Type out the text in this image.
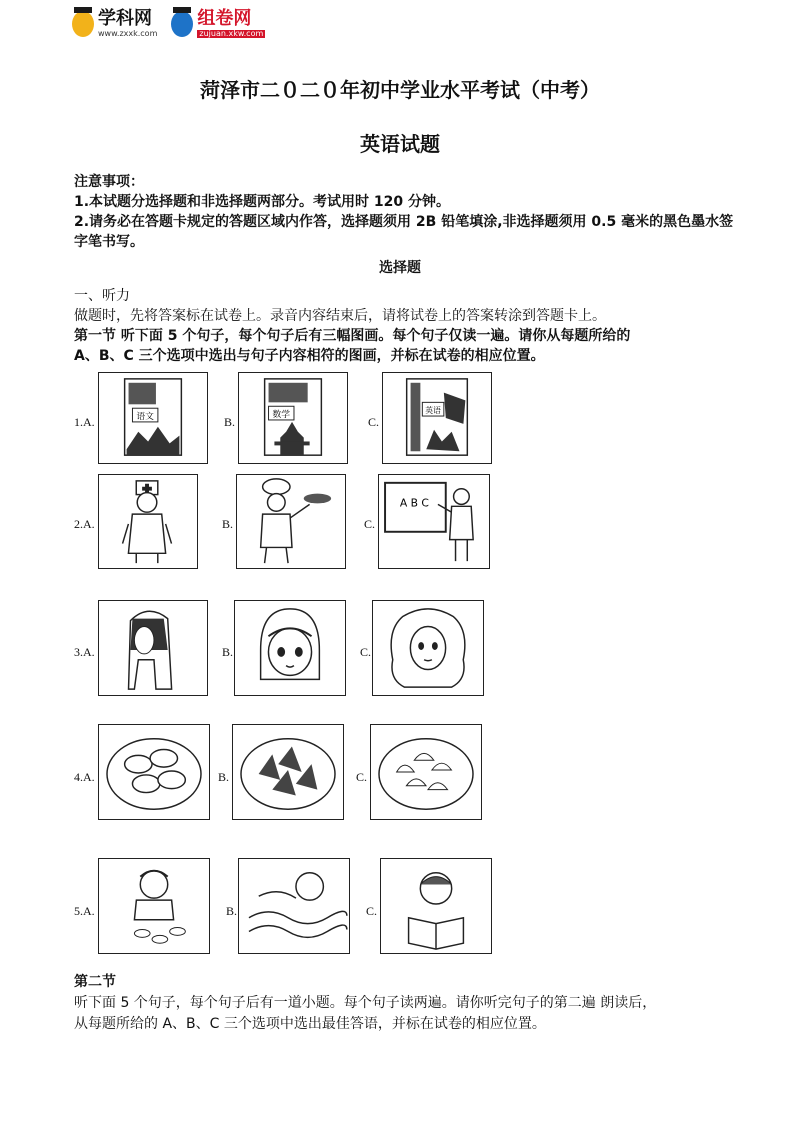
学科网
www.zxxk.com
组卷网
zujuan.xkw.com
菏泽市二０二０年初中学业水平考试（中考）
英语试题

注意事项：

1.本试题分选择题和非选择题两部分。考试用时 120 分钟。

2.请务必在答题卡规定的答题区域内作答，选择题须用 2B 铅笔填涂,非选择题须用 0.5 毫米的黑色墨水签字笔书写。

选择题

一、听力

做题时，先将答案标在试卷上。录音内容结束后，请将试卷上的答案转涂到答题卡上。

第一节 听下面 5 个句子，每个句子后有三幅图画。每个句子仅读一遍。请你从每题所给的

A、B、C 三个选项中选出与句子内容相符的图画，并标在试卷的相应位置。

1.A.	语文	B.	数学	C.
英语
2.A.	B.	C.
A B C
3.A.	B.	C.
4.A.	B.	C.
5.A.	B.	C.

第二节

听下面 5 个句子，每个句子后有一道小题。每个句子读两遍。请你听完句子的第二遍 朗读后，

从每题所给的 A、B、C 三个选项中选出最佳答语，并标在试卷的相应位置。
